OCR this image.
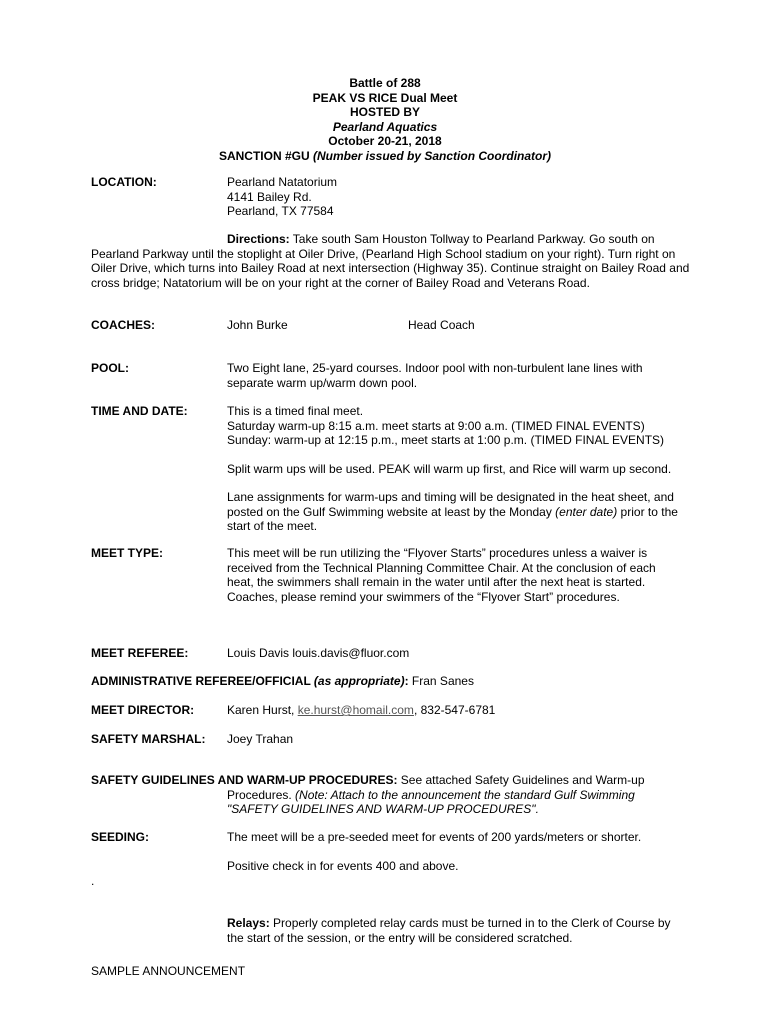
Battle of 288
PEAK VS RICE Dual Meet
HOSTED BY
Pearland Aquatics
October 20-21, 2018
SANCTION #GU (Number issued by Sanction Coordinator)
LOCATION:	Pearland Natatorium
4141 Bailey Rd.
Pearland, TX 77584
Directions: Take south Sam Houston Tollway to Pearland Parkway. Go south on
Pearland Parkway until the stoplight at Oiler Drive, (Pearland High School stadium on your right). Turn right on Oiler Drive, which turns into Bailey Road at next intersection (Highway 35). Continue straight on Bailey Road and cross bridge; Natatorium will be on your right at the corner of Bailey Road and Veterans Road.
COACHES:	John Burke	Head Coach
POOL:	Two Eight lane, 25-yard courses. Indoor pool with non-turbulent lane lines with separate warm up/warm down pool.
TIME AND DATE:	This is a timed final meet.
Saturday warm-up 8:15 a.m. meet starts at 9:00 a.m. (TIMED FINAL EVENTS)
Sunday: warm-up at 12:15 p.m., meet starts at 1:00 p.m. (TIMED FINAL EVENTS)
Split warm ups will be used. PEAK will warm up first, and Rice will warm up second.
Lane assignments for warm-ups and timing will be designated in the heat sheet, and posted on the Gulf Swimming website at least by the Monday (enter date) prior to the start of the meet.
MEET TYPE:	This meet will be run utilizing the “Flyover Starts” procedures unless a waiver is received from the Technical Planning Committee Chair. At the conclusion of each heat, the swimmers shall remain in the water until after the next heat is started. Coaches, please remind your swimmers of the “Flyover Start” procedures.
MEET REFEREE:	Louis Davis louis.davis@fluor.com
ADMINISTRATIVE REFEREE/OFFICIAL (as appropriate): Fran Sanes
MEET DIRECTOR:	Karen Hurst, ke.hurst@homail.com, 832-547-6781
SAFETY MARSHAL: Joey Trahan
SAFETY GUIDELINES AND WARM-UP PROCEDURES: See attached Safety Guidelines and Warm-up
Procedures. (Note: Attach to the announcement the standard Gulf Swimming "SAFETY GUIDELINES AND WARM-UP PROCEDURES".
SEEDING:	The meet will be a pre-seeded meet for events of 200 yards/meters or shorter.
Positive check in for events 400 and above.
.
Relays: Properly completed relay cards must be turned in to the Clerk of Course by the start of the session, or the entry will be considered scratched.
SAMPLE ANNOUNCEMENT
